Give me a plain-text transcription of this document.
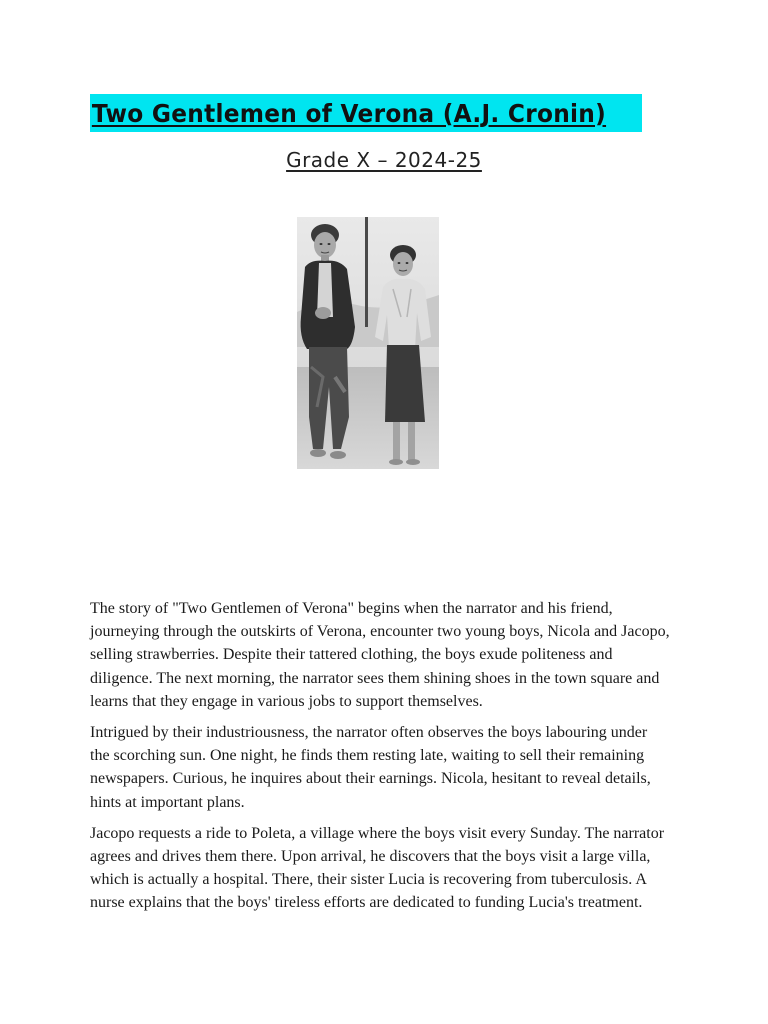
Two Gentlemen of Verona (A.J. Cronin)
Grade X – 2024-25

The story of "Two Gentlemen of Verona" begins when the narrator and his friend, journeying through the outskirts of Verona, encounter two young boys, Nicola and Jacopo, selling strawberries. Despite their tattered clothing, the boys exude politeness and diligence. The next morning, the narrator sees them shining shoes in the town square and learns that they engage in various jobs to support themselves.

Intrigued by their industriousness, the narrator often observes the boys labouring under the scorching sun. One night, he finds them resting late, waiting to sell their remaining newspapers. Curious, he inquires about their earnings. Nicola, hesitant to reveal details, hints at important plans.

Jacopo requests a ride to Poleta, a village where the boys visit every Sunday. The narrator agrees and drives them there. Upon arrival, he discovers that the boys visit a large villa, which is actually a hospital. There, their sister Lucia is recovering from tuberculosis. A nurse explains that the boys' tireless efforts are dedicated to funding Lucia's treatment.
